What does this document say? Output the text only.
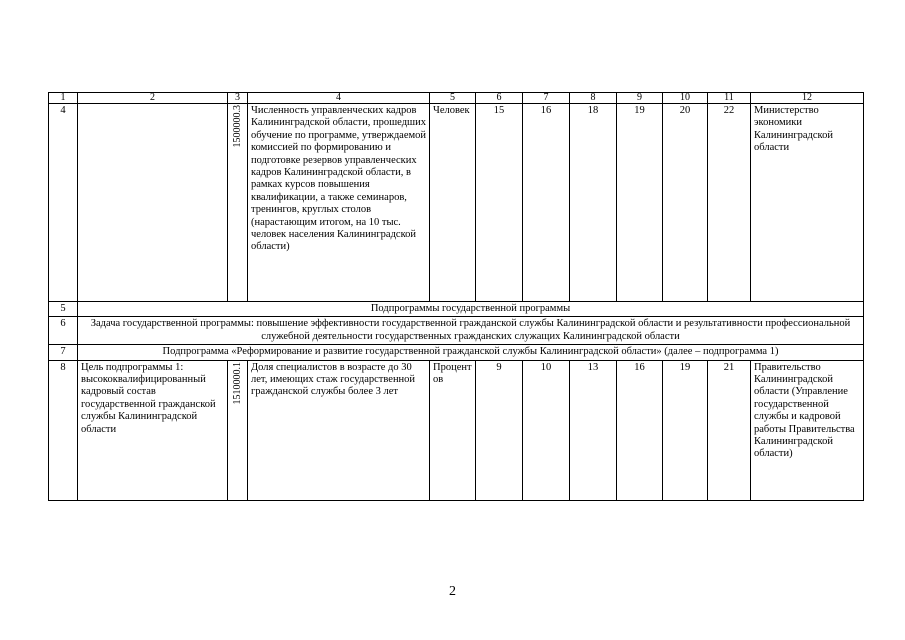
1	2	3	4	5	6	7	8	9	10	11	12
4		1500000.3	Численность управленческих кадров Калининградской области, прошедших обучение по программе, утверждаемой комиссией по формированию и подготовке резервов управленческих кадров Калининградской области, в рамках курсов повышения квалификации, а также семинаров, тренингов, круглых столов (нарастающим итогом, на 10 тыс. человек населения Калининградской области)	Человек	15	16	18	19	20	22	Министерство экономики Калининградской области
5	Подпрограммы государственной программы										
6	Задача государственной программы: повышение эффективности государственной гражданской службы Калининградской области и результативности профессиональной служебной деятельности государственных гражданских служащих Калининградской области										
7	Подпрограмма «Реформирование и развитие государственной гражданской службы Калининградской области» (далее – подпрограмма 1)										
8	Цель подпрограммы 1: высококвалифицированный кадровый состав государственной гражданской службы Калининградской области	1510000.1	Доля специалистов в возрасте до 30 лет, имеющих стаж государственной гражданской службы более 3 лет	Процентов	9	10	13	16	19	21	Правительство Калининградской области (Управление государственной службы и кадровой работы Правительства Калининградской области)
2
